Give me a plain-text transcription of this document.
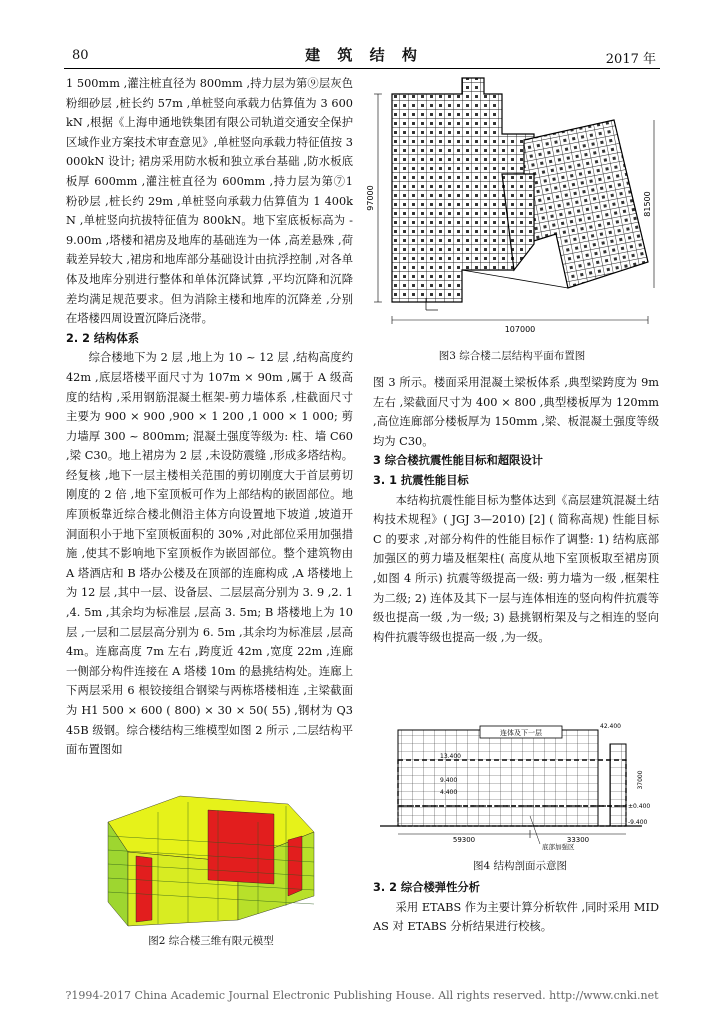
80	建 筑 结 构	2017 年

1 500mm ,灌注桩直径为 800mm ,持力层为第⑨层灰色粉细砂层 ,桩长约 57m ,单桩竖向承载力估算值为 3 600kN ,根据《上海申通地铁集团有限公司轨道交通安全保护区域作业方案技术审查意见》,单桩竖向承载力特征值按 3 000kN 设计; 裙房采用防水板和独立承台基础 ,防水板底板厚 600mm ,灌注桩直径为 600mm ,持力层为第⑦1 粉砂层 ,桩长约 29m ,单桩竖向承载力估算值为 1 400kN ,单桩竖向抗拔特征值为 800kN。地下室底板标高为 - 9.00m ,塔楼和裙房及地库的基础连为一体 ,高差悬殊 ,荷载差异较大 ,裙房和地库部分基础设计由抗浮控制 ,对各单体及地库分别进行整体和单体沉降试算 ,平均沉降和沉降差均满足规范要求。但为消除主楼和地库的沉降差 ,分别在塔楼四周设置沉降后浇带。

2. 2 结构体系

综合楼地下为 2 层 ,地上为 10 ~ 12 层 ,结构高度约 42m ,底层塔楼平面尺寸为 107m × 90m ,属于 A 级高度的结构 ,采用钢筋混凝土框架-剪力墙体系 ,柱截面尺寸主要为 900 × 900 ,900 × 1 200 ,1 000 × 1 000; 剪力墙厚 300 ~ 800mm; 混凝土强度等级为: 柱、墙 C60 ,梁 C30。地上裙房为 2 层 ,未设防震缝 ,形成多塔结构。经复核 ,地下一层主楼相关范围的剪切刚度大于首层剪切刚度的 2 倍 ,地下室顶板可作为上部结构的嵌固部位。地库顶板靠近综合楼北侧沿主体方向设置地下坡道 ,坡道开洞面积小于地下室顶板面积的 30% ,对此部位采用加强措施 ,使其不影响地下室顶板作为嵌固部位。整个建筑物由 A 塔酒店和 B 塔办公楼及在顶部的连廊构成 ,A 塔楼地上为 12 层 ,其中一层、设备层、二层层高分别为 3. 9 ,2. 1 ,4. 5m ,其余均为标准层 ,层高 3. 5m; B 塔楼地上为 10 层 ,一层和二层层高分别为 6. 5m ,其余均为标准层 ,层高 4m。连廊高度 7m 左右 ,跨度近 42m ,宽度 22m ,连廊一侧部分构件连接在 A 塔楼 10m 的悬挑结构处。连廊上下两层采用 6 根铰接组合钢梁与两栋塔楼相连 ,主梁截面为 H1 500 × 600 ( 800) × 30 × 50( 55) ,钢材为 Q345B 级钢。综合楼结构三维模型如图 2 所示 ,二层结构平面布置图如

图2 综合楼三维有限元模型
97000	81500
107000
图3 综合楼二层结构平面布置图

图 3 所示。楼面采用混凝土梁板体系 ,典型梁跨度为 9m 左右 ,梁截面尺寸为 400 × 800 ,典型楼板厚为 120mm ,高位连廊部分楼板厚为 150mm ,梁、板混凝土强度等级均为 C30。

3 综合楼抗震性能目标和超限设计

3. 1 抗震性能目标

本结构抗震性能目标为整体达到《高层建筑混凝土结构技术规程》( JGJ 3—2010) [2] ( 简称高规) 性能目标 C 的要求 ,对部分构件的性能目标作了调整: 1) 结构底部加强区的剪力墙及框架柱( 高度从地下室顶板取至裙房顶 ,如图 4 所示) 抗震等级提高一级: 剪力墙为一级 ,框架柱为二级; 2) 连体及其下一层与连体相连的竖向构件抗震等级也提高一级 ,为一级; 3) 悬挑钢桁架及与之相连的竖向构件抗震等级也提高一级 ,为一级。

连体及下一层
42.400
13.400
9.400
4.400
±0.400
-9.400
37000
59300	33300
底部加强区
图4 结构剖面示意图

3. 2 综合楼弹性分析

采用 ETABS 作为主要计算分析软件 ,同时采用 MIDAS 对 ETABS 分析结果进行校核。

?1994-2017 China Academic Journal Electronic Publishing House. All rights reserved. http://www.cnki.net
